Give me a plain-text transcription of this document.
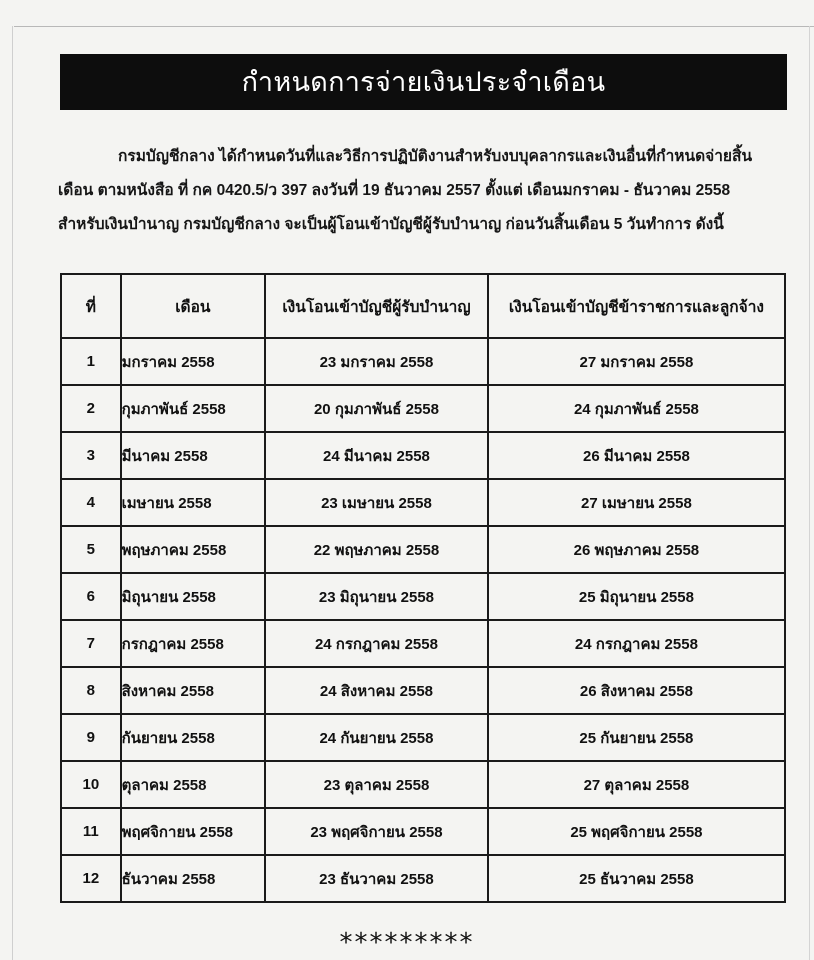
กำหนดการจ่ายเงินประจำเดือน
กรมบัญชีกลาง ได้กำหนดวันที่และวิธีการปฏิบัติงานสำหรับงบบุคลากรและเงินอื่นที่กำหนดจ่ายสิ้น
เดือน ตามหนังสือ ที่ กค 0420.5/ว 397 ลงวันที่ 19 ธันวาคม 2557 ตั้งแต่ เดือนมกราคม - ธันวาคม 2558
สำหรับเงินบำนาญ กรมบัญชีกลาง จะเป็นผู้โอนเข้าบัญชีผู้รับบำนาญ ก่อนวันสิ้นเดือน 5 วันทำการ ดังนี้
ที่	เดือน	เงินโอนเข้าบัญชีผู้รับบำนาญ	เงินโอนเข้าบัญชีข้าราชการและลูกจ้าง
1	มกราคม 2558	23 มกราคม 2558	27 มกราคม 2558
2	กุมภาพันธ์ 2558	20 กุมภาพันธ์ 2558	24 กุมภาพันธ์ 2558
3	มีนาคม 2558	24 มีนาคม 2558	26 มีนาคม 2558
4	เมษายน 2558	23 เมษายน 2558	27 เมษายน 2558
5	พฤษภาคม 2558	22 พฤษภาคม 2558	26 พฤษภาคม 2558
6	มิถุนายน 2558	23 มิถุนายน 2558	25 มิถุนายน 2558
7	กรกฎาคม 2558	24 กรกฎาคม 2558	24 กรกฎาคม 2558
8	สิงหาคม 2558	24 สิงหาคม 2558	26 สิงหาคม 2558
9	กันยายน 2558	24 กันยายน 2558	25 กันยายน 2558
10	ตุลาคม 2558	23 ตุลาคม 2558	27 ตุลาคม 2558
11	พฤศจิกายน 2558	23 พฤศจิกายน 2558	25 พฤศจิกายน 2558
12	ธันวาคม 2558	23 ธันวาคม 2558	25 ธันวาคม 2558
*********
